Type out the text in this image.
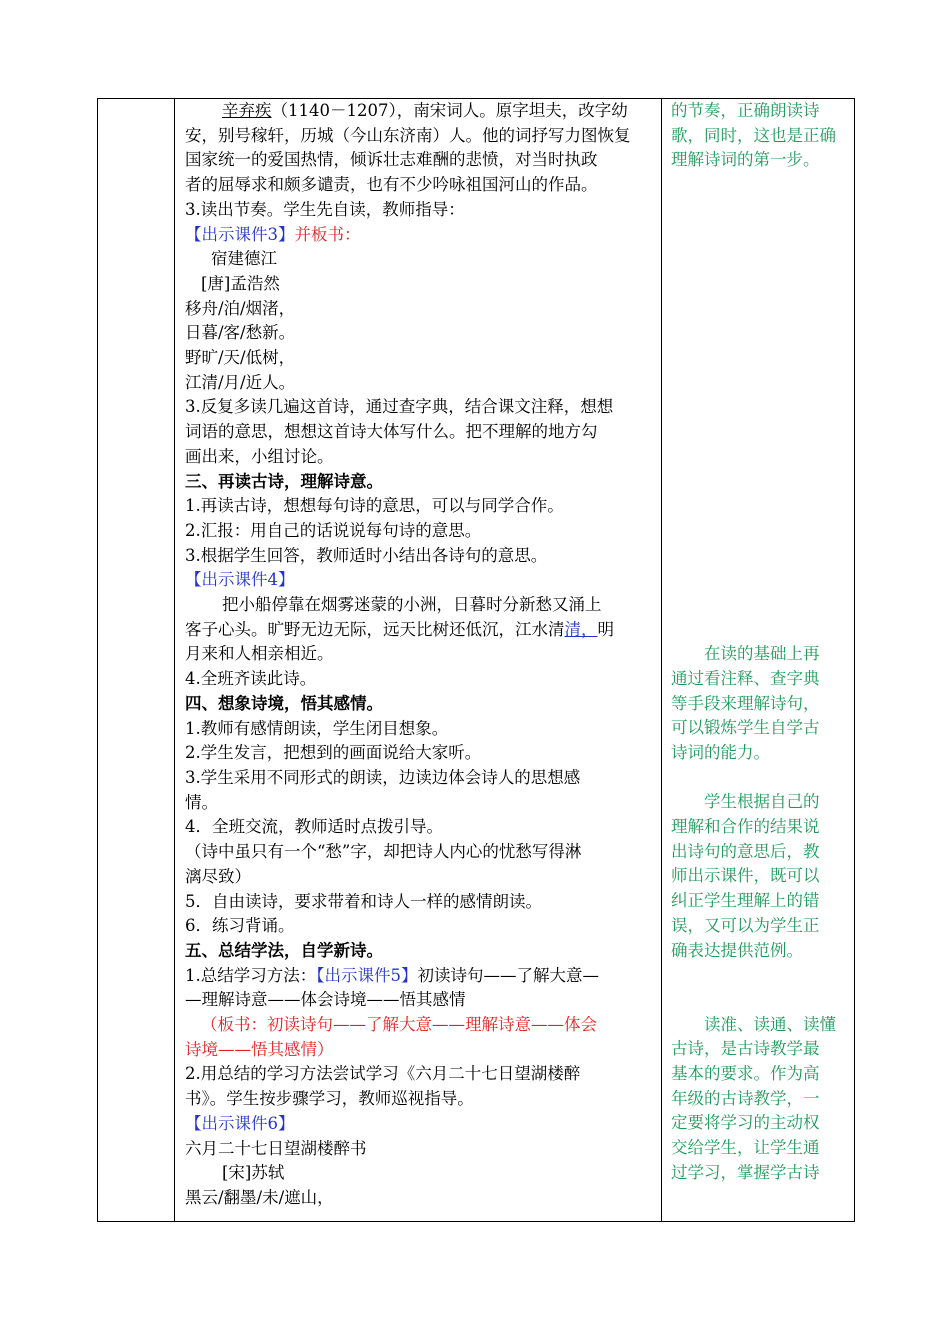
辛弃疾（1140－1207），南宋词人。原字坦夫，改字幼
安，别号稼轩，历城（今山东济南）人。他的词抒写力图恢复
国家统一的爱国热情，倾诉壮志难酬的悲愤，对当时执政
者的屈辱求和颇多谴责，也有不少吟咏祖国河山的作品。
3.读出节奏。学生先自读，教师指导：
【出示课件3】并板书：
宿建德江
[唐]孟浩然
移舟/泊/烟渚，
日暮/客/愁新。
野旷/天/低树，
江清/月/近人。
3.反复多读几遍这首诗，通过查字典，结合课文注释，想想
词语的意思，想想这首诗大体写什么。把不理解的地方勾
画出来，小组讨论。
三、再读古诗，理解诗意。
1.再读古诗，想想每句诗的意思，可以与同学合作。
2.汇报：用自己的话说说每句诗的意思。
3.根据学生回答，教师适时小结出各诗句的意思。
【出示课件4】
把小船停靠在烟雾迷蒙的小洲，日暮时分新愁又涌上
客子心头。旷野无边无际，远天比树还低沉，江水清清，明
月来和人相亲相近。
4.全班齐读此诗。
四、想象诗境，悟其感情。
1.教师有感情朗读，学生闭目想象。
2.学生发言，把想到的画面说给大家听。
3.学生采用不同形式的朗读，边读边体会诗人的思想感
情。
4．全班交流，教师适时点拨引导。
（诗中虽只有一个“愁”字，却把诗人内心的忧愁写得淋
漓尽致）
5．自由读诗，要求带着和诗人一样的感情朗读。
6．练习背诵。
五、总结学法，自学新诗。
1.总结学习方法：【出示课件5】初读诗句——了解大意—
—理解诗意——体会诗境——悟其感情
（板书：初读诗句——了解大意——理解诗意——体会
诗境——悟其感情）
2.用总结的学习方法尝试学习《六月二十七日望湖楼醉
书》。学生按步骤学习，教师巡视指导。
【出示课件6】
六月二十七日望湖楼醉书
[宋]苏轼
黑云/翻墨/未/遮山，
的节奏，正确朗读诗
歌，同时，这也是正确
理解诗词的第一步。
在读的基础上再
通过看注释、查字典
等手段来理解诗句，
可以锻炼学生自学古
诗词的能力。
学生根据自己的
理解和合作的结果说
出诗句的意思后，教
师出示课件，既可以
纠正学生理解上的错
误，又可以为学生正
确表达提供范例。
读准、读通、读懂
古诗，是古诗教学最
基本的要求。作为高
年级的古诗教学，一
定要将学习的主动权
交给学生，让学生通
过学习，掌握学古诗
